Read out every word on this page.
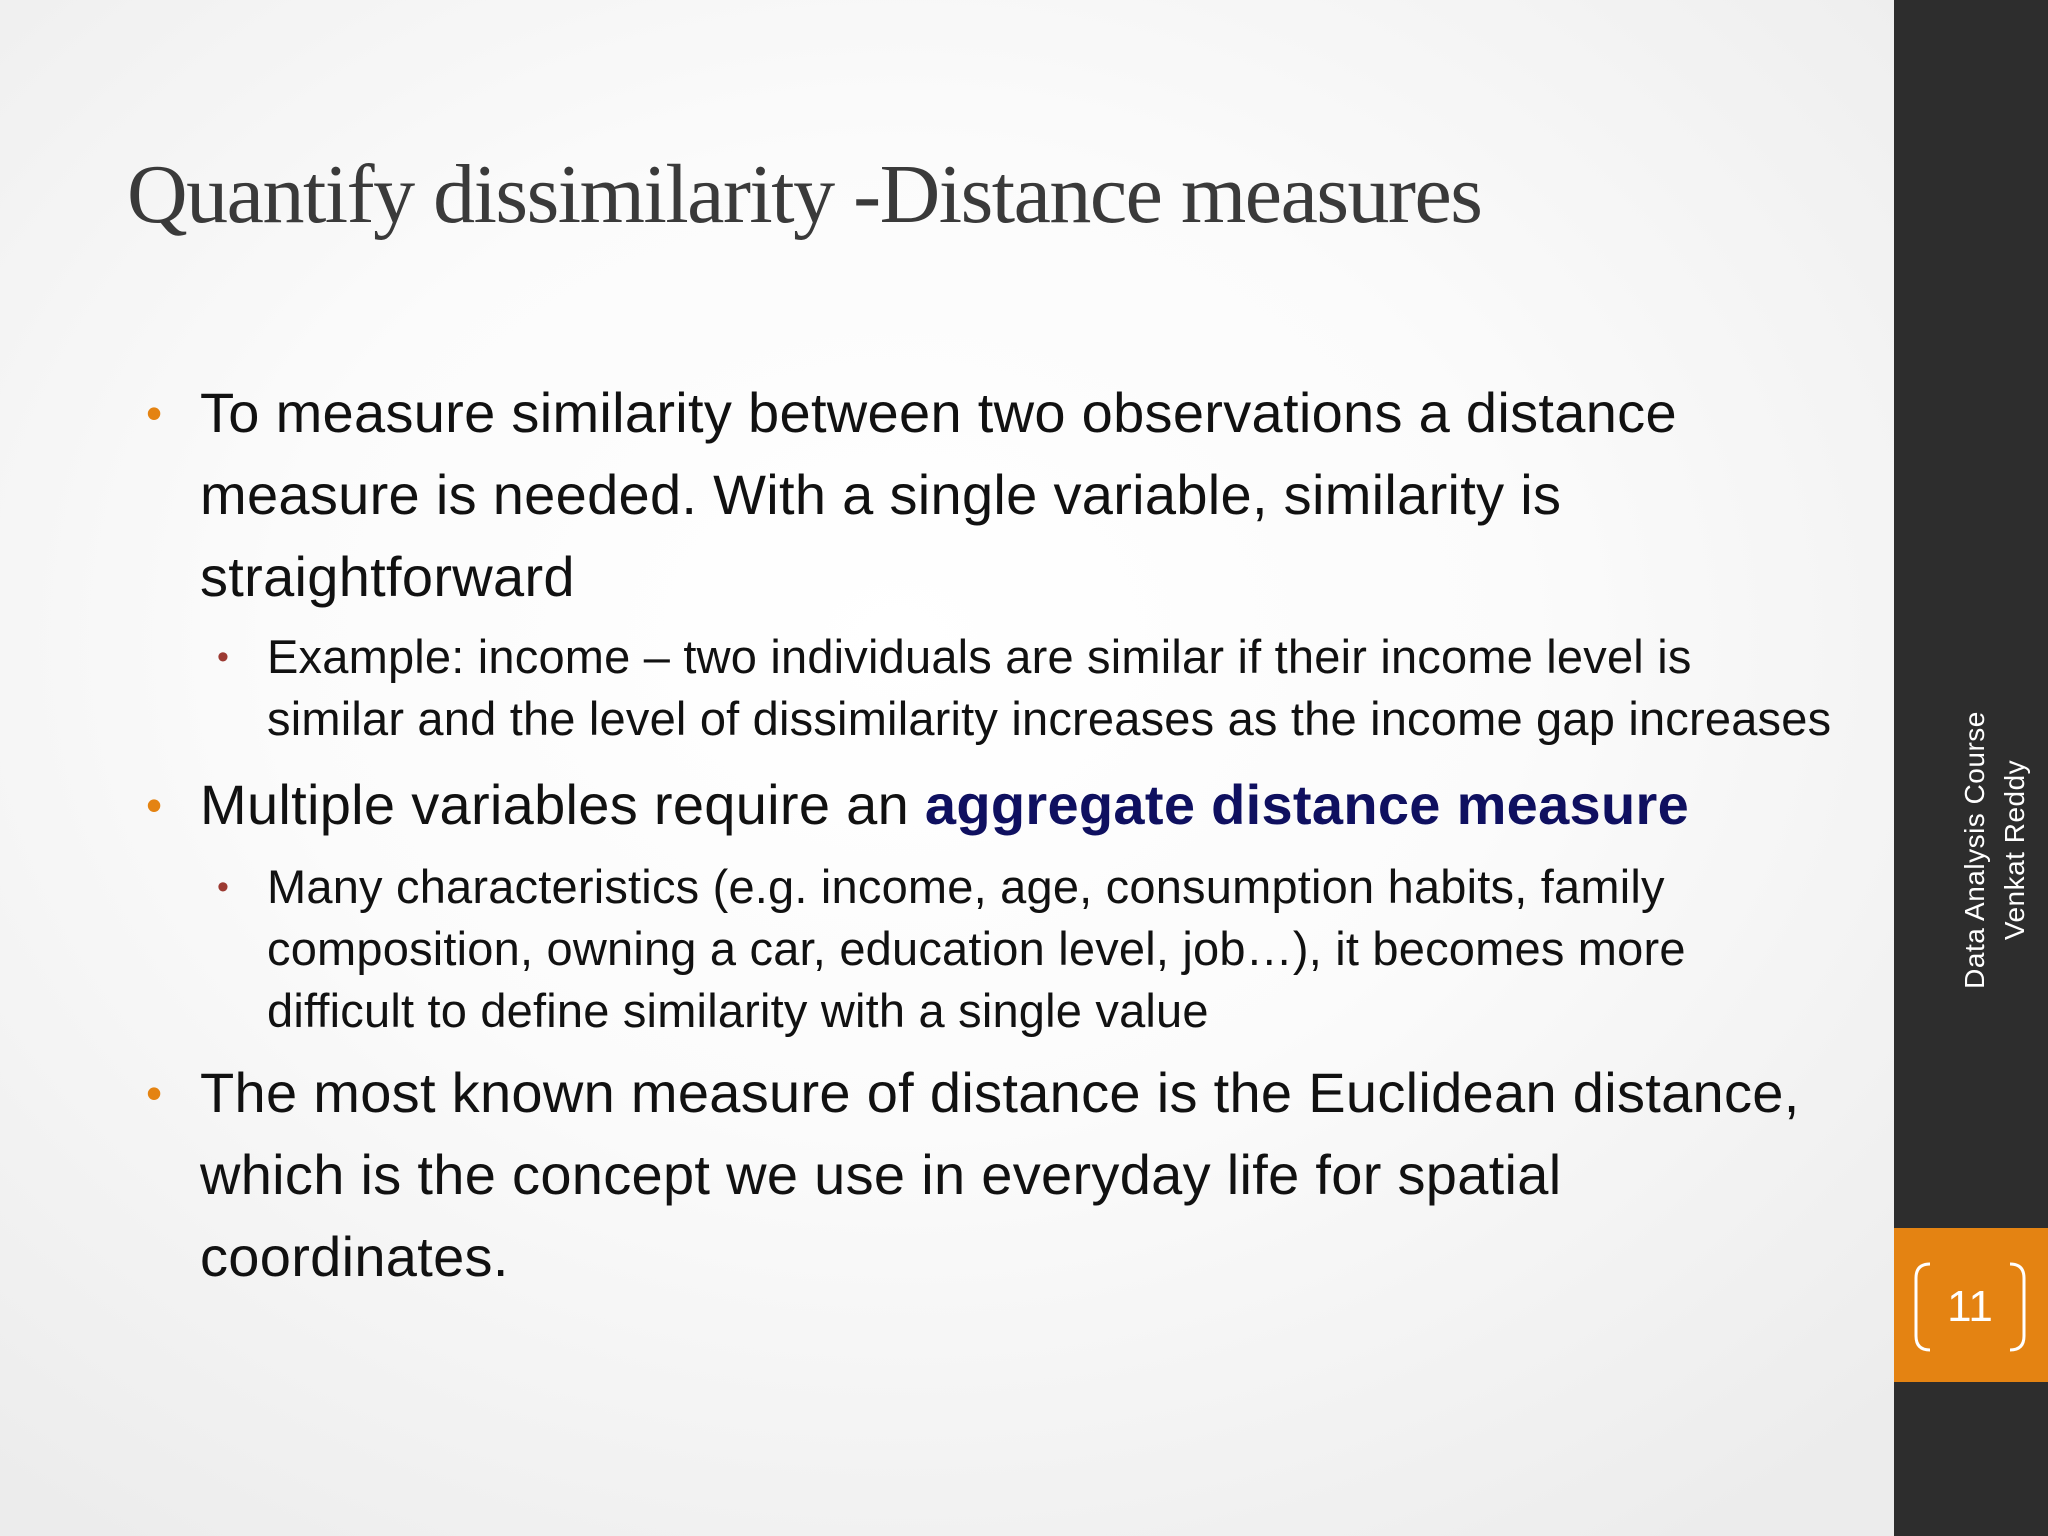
Quantify dissimilarity -Distance measures
• To measure similarity between two observations a distance measure is needed. With a single variable, similarity is straightforward
• Example: income – two individuals are similar if their income level is similar and the level of dissimilarity increases as the income gap increases
• Multiple variables require an aggregate distance measure
• Many characteristics (e.g. income, age, consumption habits, family composition, owning a car, education level, job…), it becomes more difficult to define similarity with a single value
• The most known measure of distance is the Euclidean distance, which is the concept we use in everyday life for spatial coordinates.
Data Analysis Course Venkat Reddy
11
